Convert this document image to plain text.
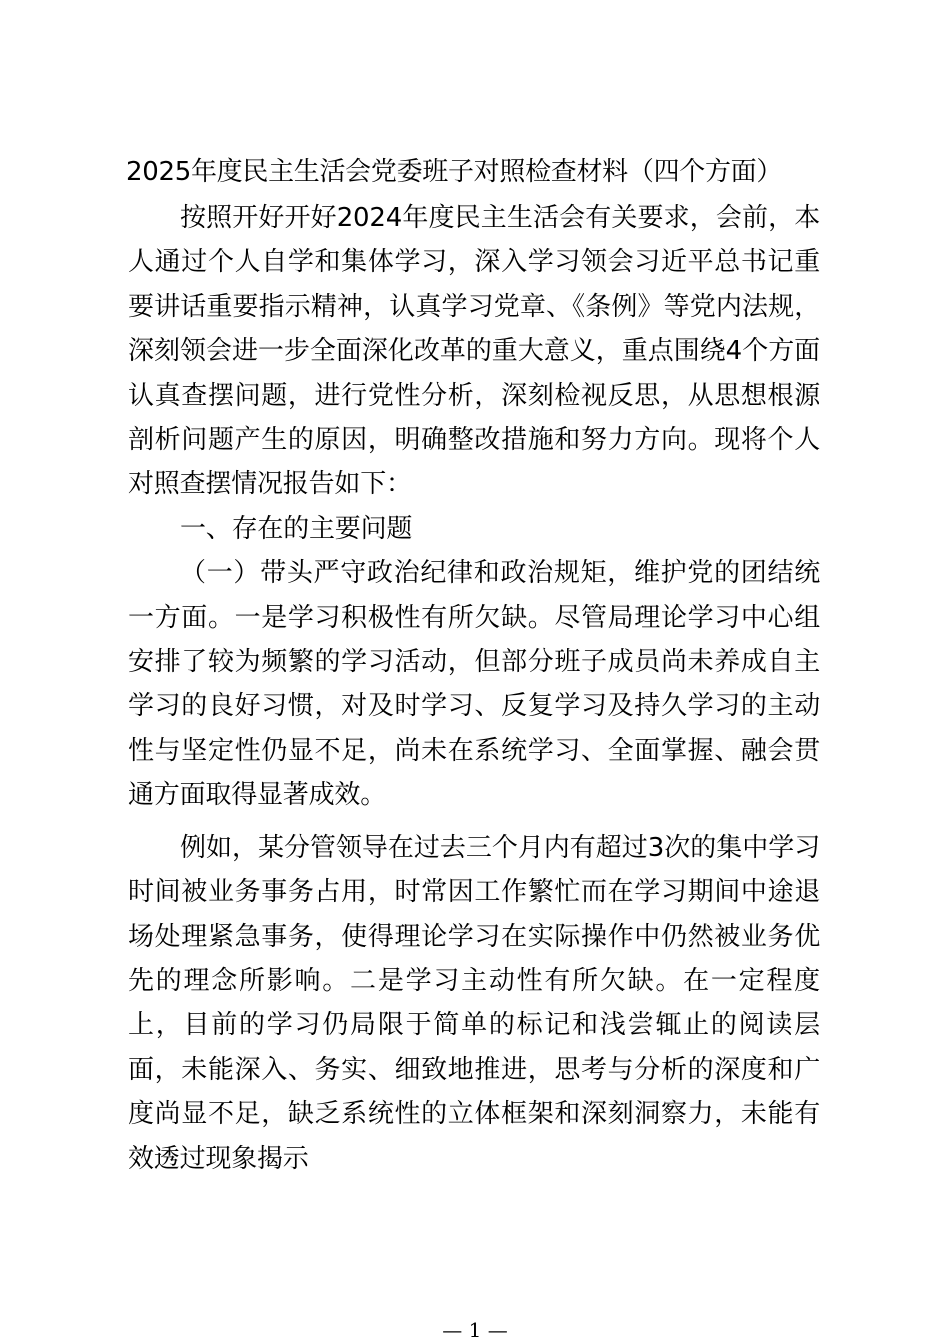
2025年度民主生活会党委班子对照检查材料（四个方面）

按照开好开好2024年度民主生活会有关要求，会前，本人通过个人自学和集体学习，深入学习领会习近平总书记重要讲话重要指示精神，认真学习党章、《条例》等党内法规，深刻领会进一步全面深化改革的重大意义，重点围绕4个方面认真查摆问题，进行党性分析，深刻检视反思，从思想根源剖析问题产生的原因，明确整改措施和努力方向。现将个人对照查摆情况报告如下：

一、存在的主要问题

（一）带头严守政治纪律和政治规矩，维护党的团结统一方面。一是学习积极性有所欠缺。尽管局理论学习中心组安排了较为频繁的学习活动，但部分班子成员尚未养成自主学习的良好习惯，对及时学习、反复学习及持久学习的主动性与坚定性仍显不足，尚未在系统学习、全面掌握、融会贯通方面取得显著成效。

例如，某分管领导在过去三个月内有超过3次的集中学习时间被业务事务占用，时常因工作繁忙而在学习期间中途退场处理紧急事务，使得理论学习在实际操作中仍然被业务优先的理念所影响。二是学习主动性有所欠缺。在一定程度上，目前的学习仍局限于简单的标记和浅尝辄止的阅读层面，未能深入、务实、细致地推进，思考与分析的深度和广度尚显不足，缺乏系统性的立体框架和深刻洞察力，未能有效透过现象揭示

— 1 —
